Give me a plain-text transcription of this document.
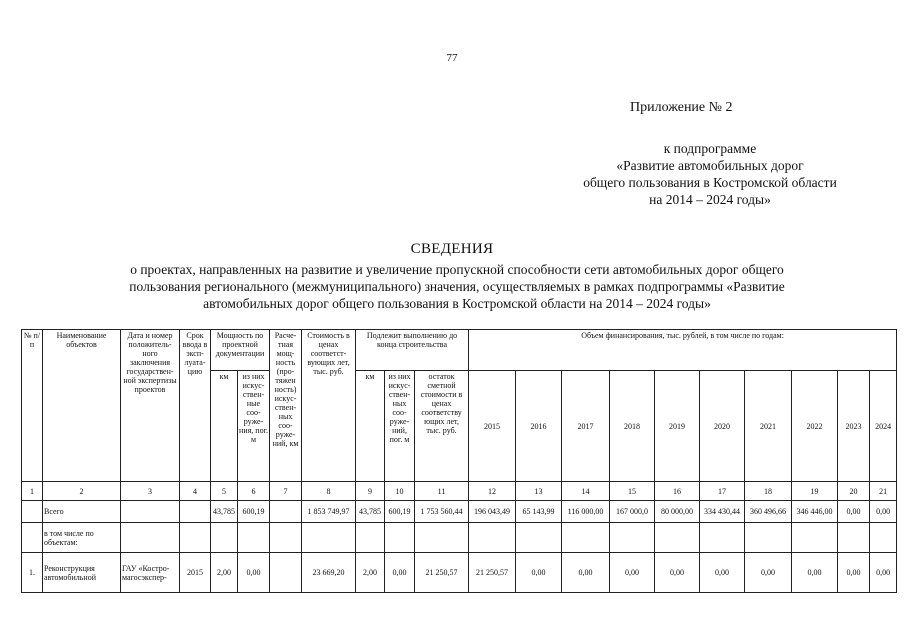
77
Приложение № 2
к подпрограмме
«Развитие автомобильных дорог
общего пользования в Костромской области
на 2014 – 2024 годы»
СВЕДЕНИЯ
о проектах, направленных на развитие и увеличение пропускной способности сети автомобильных дорог общего
пользования регионального (межмуниципального) значения, осуществляемых в рамках подпрограммы «Развитие
автомобильных дорог общего пользования в Костромской области на 2014 – 2024 годы»
№ п/п	Наименование объектов	Дата и номер положитель-ного заключения государствен-ной экспертизы проектов	Срок ввода в эксп-луата-цию	Мощность по проектной документации		Расче-тная мощ-ность (про-тяжен ность) искус-ствен-ных соо-руже-ний, км	Стоимость в ценах соответст-вующих лет, тыс. руб.	Подлежит выполнению до конца строительства			Объем финансирования, тыс. рублей, в том числе по годам:									
				км	из них искус-ствен-ные соо-руже-ния, пог. м			км	из них искус-ствен-ных соо-руже-ний, пог. м	остаток сметной стоимости в ценах соответству ющих лет, тыс. руб.	2015	2016	2017	2018	2019	2020	2021	2022	2023	2024
1	2	3	4	5	6	7	8	9	10	11	12	13	14	15	16	17	18	19	20	21
	Всего			43,785	600,19		1 853 749,97	43,785	600,19	1 753 560,44	196 043,49	65 143,99	116 000,00	167 000,0	80 000,00	334 430,44	360 496,66	346 446,00	0,00	0,00
	в том числе по объектам:																			
1.	Реконструкция автомобильной	ГАУ «Костро-магосэкспер-	2015	2,00	0,00		23 669,20	2,00	0,00	21 250,57	21 250,57	0,00	0,00	0,00	0,00	0,00	0,00	0,00	0,00	0,00
